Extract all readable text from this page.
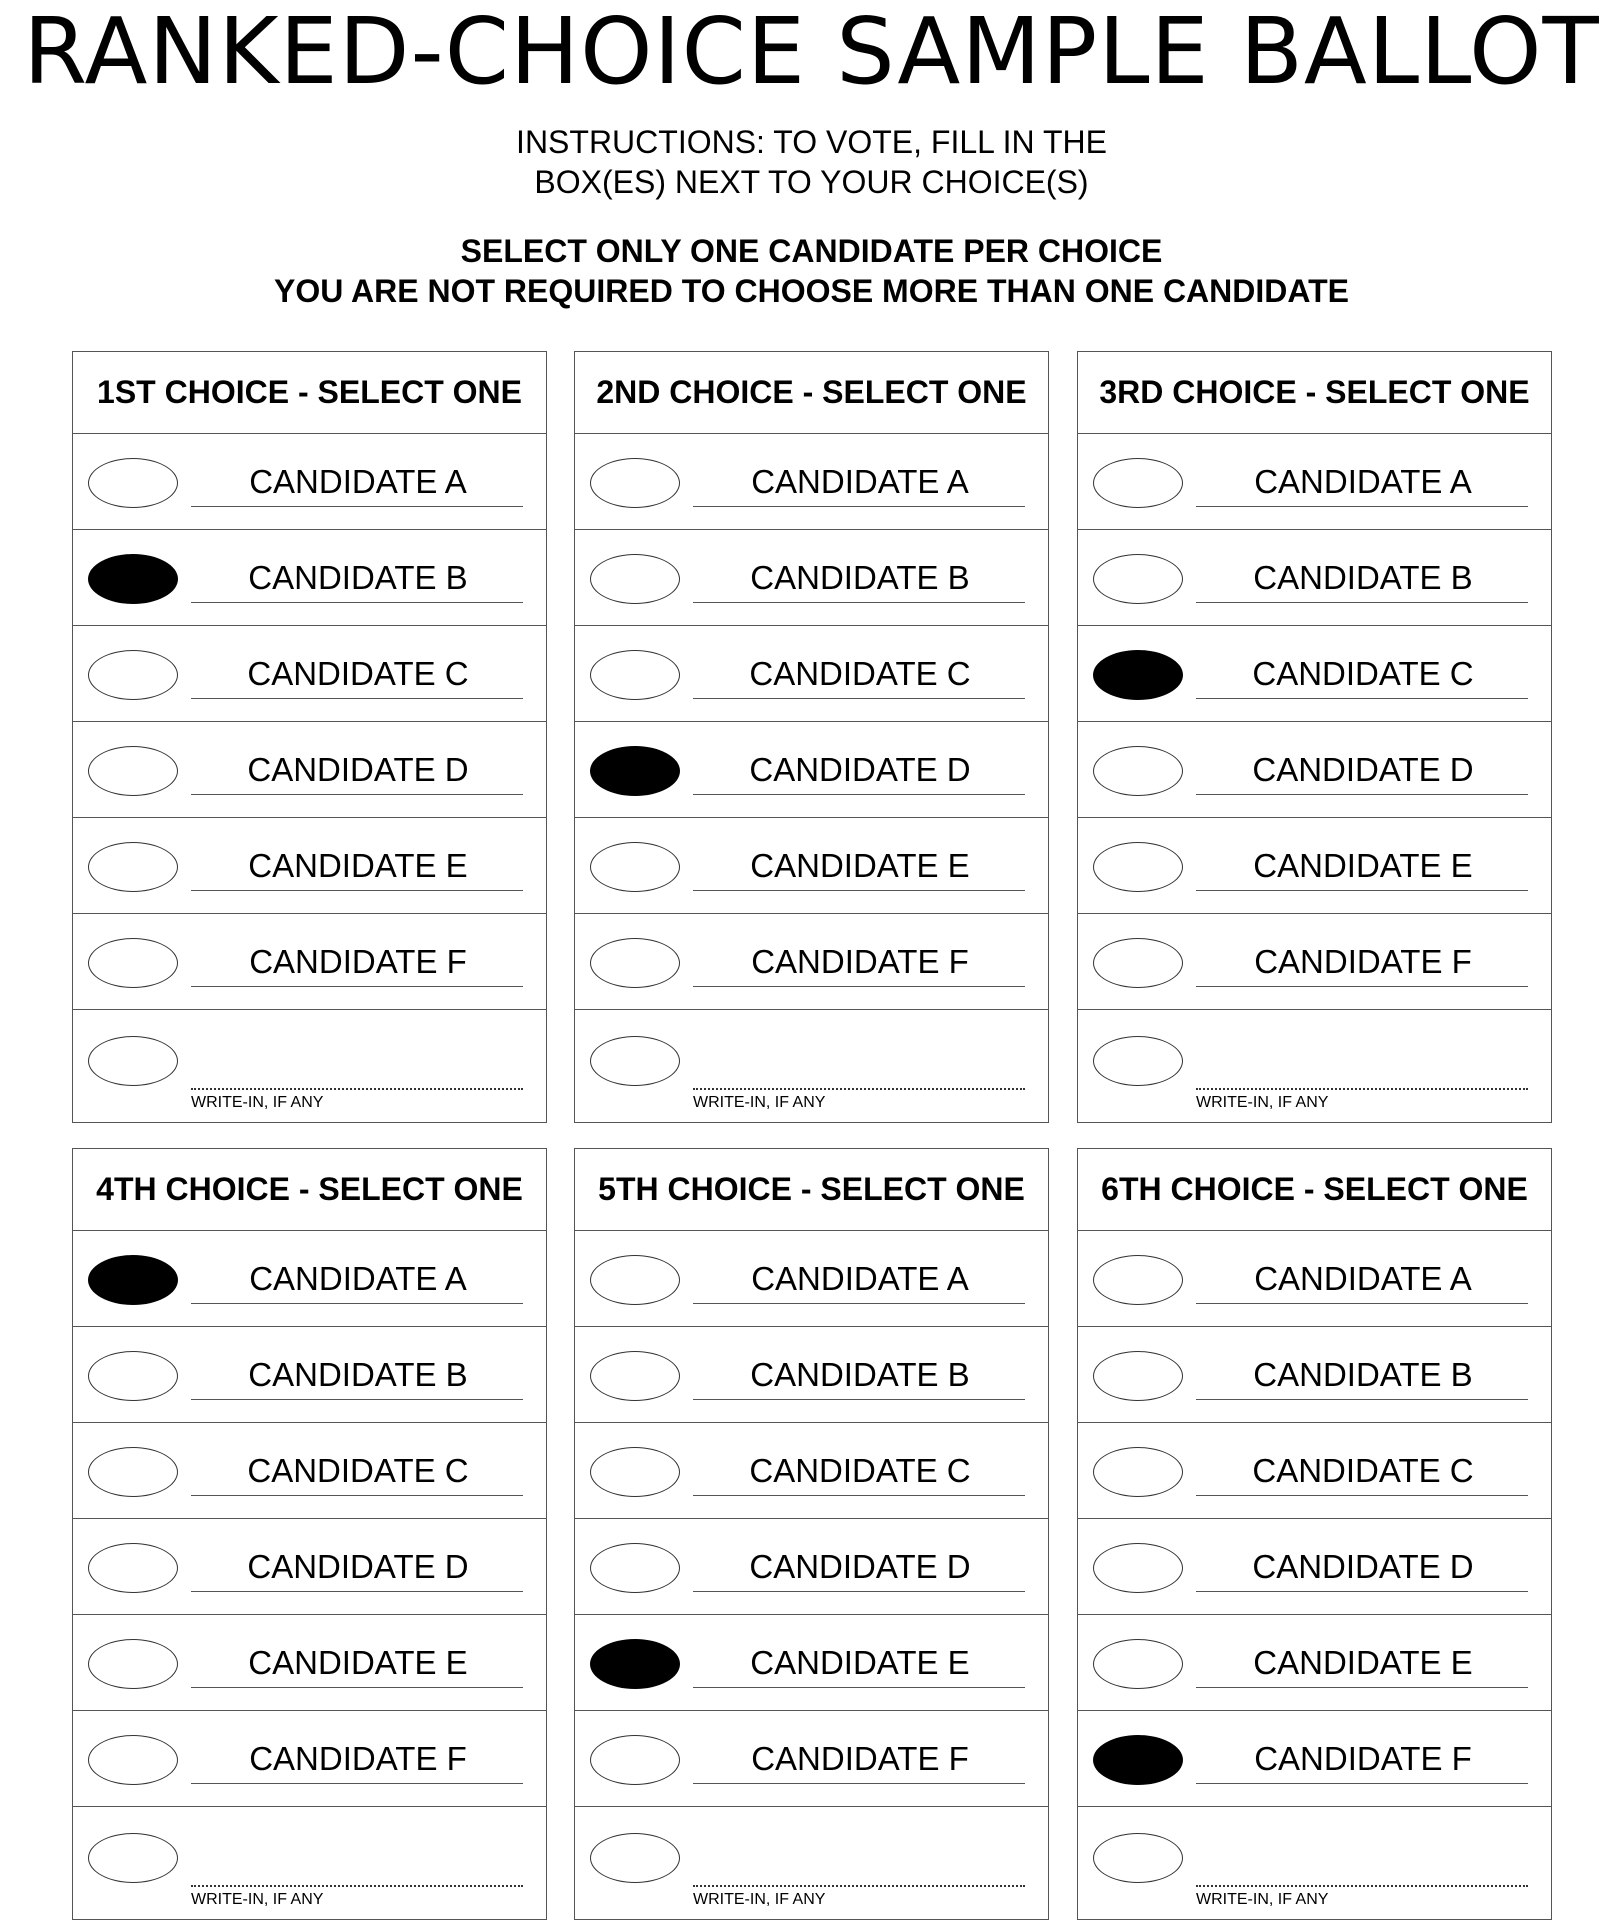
RANKED-CHOICE SAMPLE BALLOT
INSTRUCTIONS: TO VOTE, FILL IN THE
BOX(ES) NEXT TO YOUR CHOICE(S)
SELECT ONLY ONE CANDIDATE PER CHOICE
YOU ARE NOT REQUIRED TO CHOOSE MORE THAN ONE CANDIDATE
1ST CHOICE - SELECT ONE
CANDIDATE A
CANDIDATE B
CANDIDATE C
CANDIDATE D
CANDIDATE E
CANDIDATE F
WRITE-IN, IF ANY
2ND CHOICE - SELECT ONE
CANDIDATE A
CANDIDATE B
CANDIDATE C
CANDIDATE D
CANDIDATE E
CANDIDATE F
WRITE-IN, IF ANY
3RD CHOICE - SELECT ONE
CANDIDATE A
CANDIDATE B
CANDIDATE C
CANDIDATE D
CANDIDATE E
CANDIDATE F
WRITE-IN, IF ANY
4TH CHOICE - SELECT ONE
CANDIDATE A
CANDIDATE B
CANDIDATE C
CANDIDATE D
CANDIDATE E
CANDIDATE F
WRITE-IN, IF ANY
5TH CHOICE - SELECT ONE
CANDIDATE A
CANDIDATE B
CANDIDATE C
CANDIDATE D
CANDIDATE E
CANDIDATE F
WRITE-IN, IF ANY
6TH CHOICE - SELECT ONE
CANDIDATE A
CANDIDATE B
CANDIDATE C
CANDIDATE D
CANDIDATE E
CANDIDATE F
WRITE-IN, IF ANY
